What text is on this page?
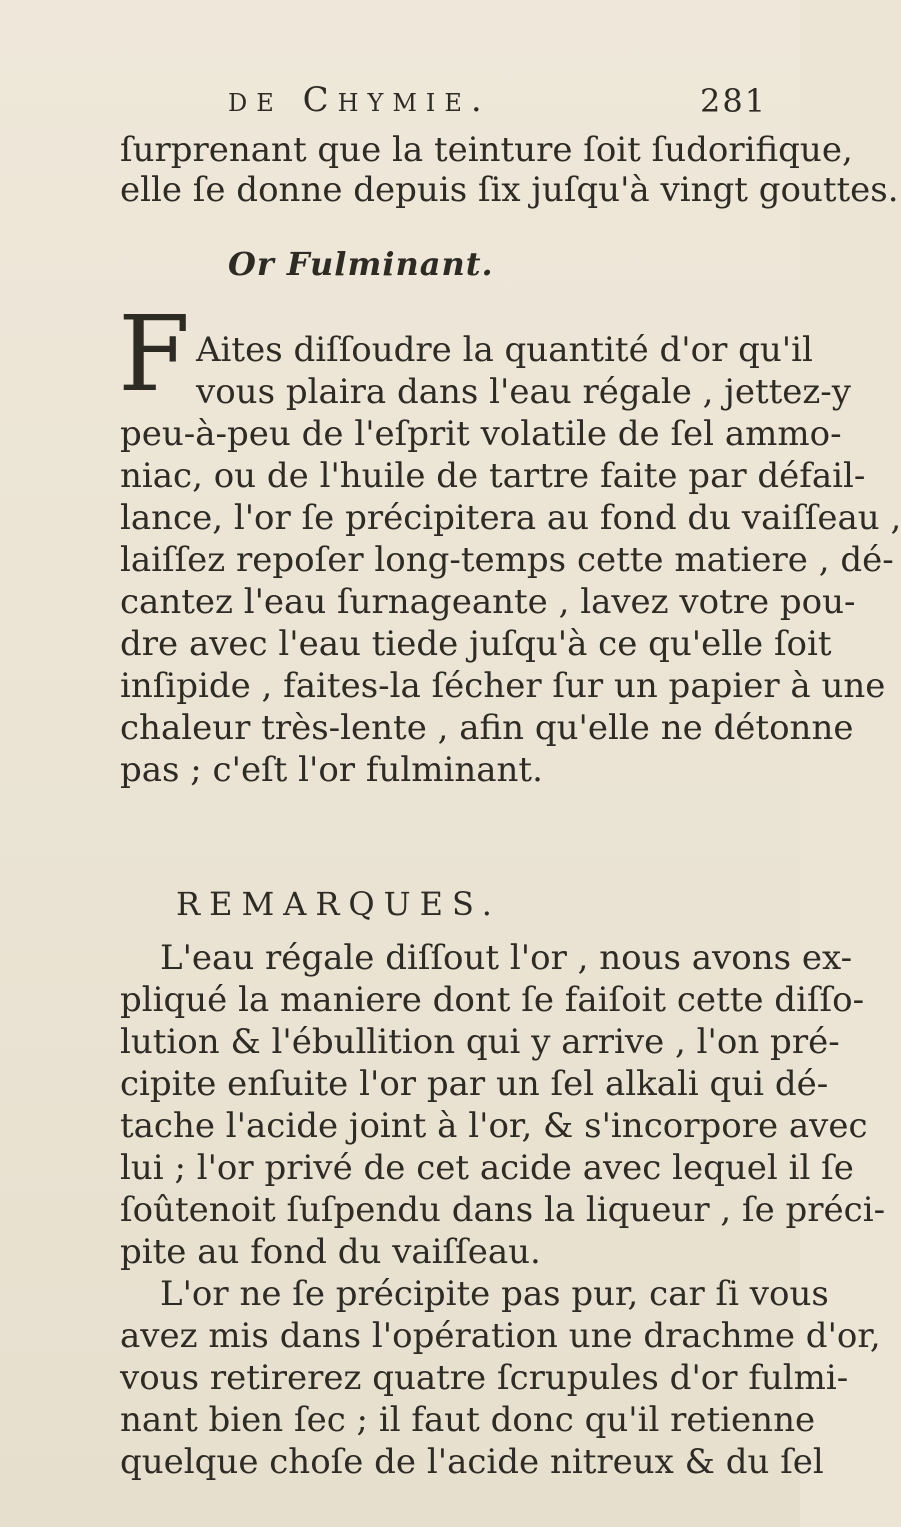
de Chymie.	281
ſurprenant que la teinture ſoit ſudorifique,
elle ſe donne depuis ſix juſqu'à vingt gouttes.
Or Fulminant.
F Aites diſſoudre la quantité d'or qu'il
vous plaira dans l'eau régale , jettez-y
peu-à-peu de l'eſprit volatile de ſel ammo-
niac, ou de l'huile de tartre faite par défail-
lance, l'or ſe précipitera au fond du vaiſſeau ,
laiſſez repoſer long-temps cette matiere , dé-
cantez l'eau ſurnageante , lavez votre pou-
dre avec l'eau tiede juſqu'à ce qu'elle ſoit
inſipide , faites-la ſécher ſur un papier à une
chaleur très-lente , afin qu'elle ne détonne
pas ; c'eſt l'or fulminant.
REMARQUES.
L'eau régale diſſout l'or , nous avons ex-
pliqué la maniere dont ſe faiſoit cette diſſo-
lution & l'ébullition qui y arrive , l'on pré-
cipite enſuite l'or par un ſel alkali qui dé-
tache l'acide joint à l'or, & s'incorpore avec
lui ; l'or privé de cet acide avec lequel il ſe
ſoûtenoit ſuſpendu dans la liqueur , ſe préci-
pite au fond du vaiſſeau.
L'or ne ſe précipite pas pur, car ſi vous
avez mis dans l'opération une drachme d'or,
vous retirerez quatre ſcrupules d'or fulmi-
nant bien ſec ; il faut donc qu'il retienne
quelque choſe de l'acide nitreux & du ſel
